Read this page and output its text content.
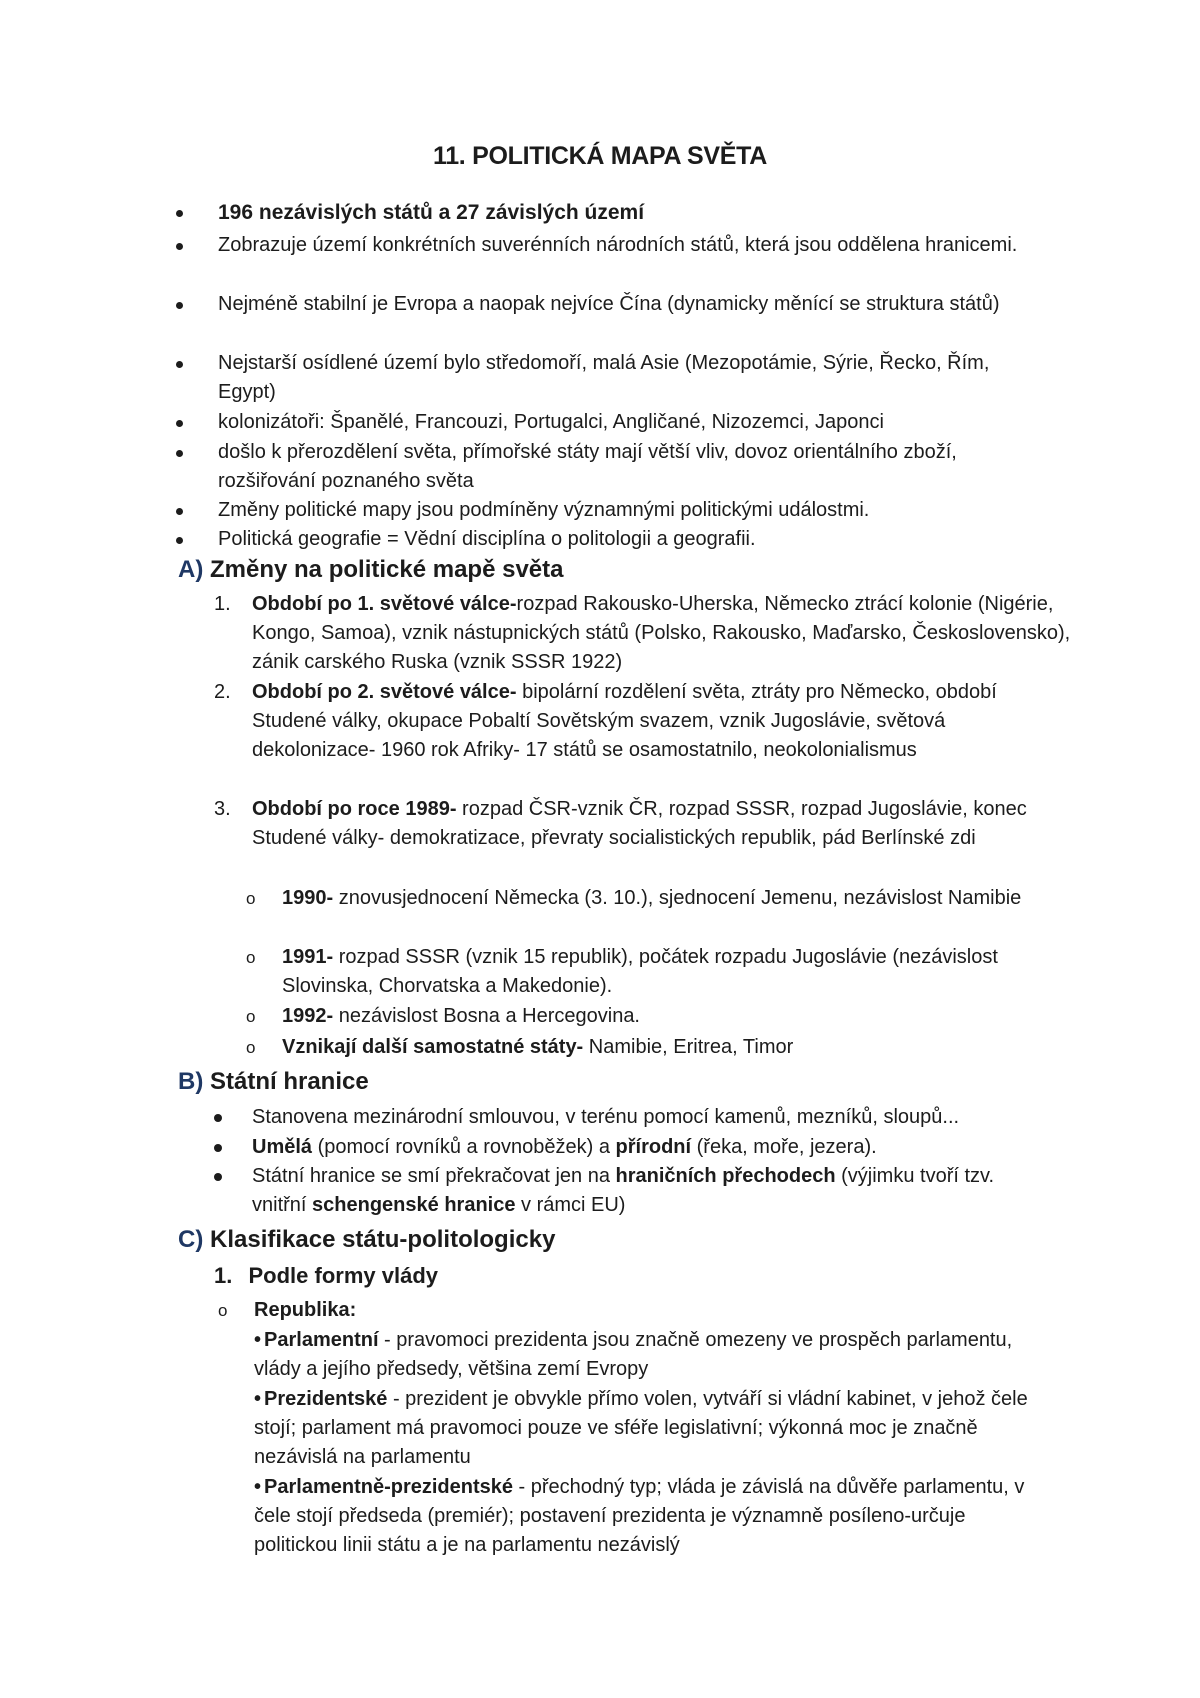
11. POLITICKÁ MAPA SVĚTA
196 nezávislých států a 27 závislých území
Zobrazuje území konkrétních suverénních národních států, která jsou oddělena hranicemi.
Nejméně stabilní je Evropa a naopak nejvíce Čína (dynamicky měnící se struktura států)
Nejstarší osídlené území bylo středomoří, malá Asie (Mezopotámie, Sýrie, Řecko, Řím, Egypt)
kolonizátoři: Španělé, Francouzi, Portugalci, Angličané, Nizozemci, Japonci
došlo k přerozdělení světa, přímořské státy mají větší vliv, dovoz orientálního zboží, rozšiřování poznaného světa
Změny politické mapy jsou podmíněny významnými politickými událostmi.
Politická geografie = Vědní disciplína o politologii a geografii.
A) Změny na politické mapě světa
1. Období po 1. světové válce-rozpad Rakousko-Uherska, Německo ztrácí kolonie (Nigérie, Kongo, Samoa), vznik nástupnických států (Polsko, Rakousko, Maďarsko, Československo), zánik carského Ruska (vznik SSSR 1922)
2. Období po 2. světové válce- bipolární rozdělení světa, ztráty pro Německo, období Studené války, okupace Pobaltí Sovětským svazem, vznik Jugoslávie, světová dekolonizace- 1960 rok Afriky- 17 států se osamostatnilo, neokolonialismus
3. Období po roce 1989- rozpad ČSR-vznik ČR, rozpad SSSR, rozpad Jugoslávie, konec Studené války- demokratizace, převraty socialistických republik, pád Berlínské zdi
o 1990- znovusjednocení Německa (3. 10.), sjednocení Jemenu, nezávislost Namibie
o 1991- rozpad SSSR (vznik 15 republik), počátek rozpadu Jugoslávie (nezávislost Slovinska, Chorvatska a Makedonie).
o 1992- nezávislost Bosna a Hercegovina.
o Vznikají další samostatné státy- Namibie, Eritrea, Timor
B) Státní hranice
Stanovena mezinárodní smlouvou, v terénu pomocí kamenů, mezníků, sloupů...
Umělá (pomocí rovníků a rovnoběžek) a přírodní (řeka, moře, jezera).
Státní hranice se smí překračovat jen na hraničních přechodech (výjimku tvoří tzv. vnitřní schengenské hranice v rámci EU)
C) Klasifikace státu-politologicky
1. Podle formy vlády
o Republika:
• Parlamentní - pravomoci prezidenta jsou značně omezeny ve prospěch parlamentu, vlády a jejího předsedy, většina zemí Evropy
• Prezidentské - prezident je obvykle přímo volen, vytváří si vládní kabinet, v jehož čele stojí; parlament má pravomoci pouze ve sféře legislativní; výkonná moc je značně nezávislá na parlamentu
• Parlamentně-prezidentské - přechodný typ; vláda je závislá na důvěře parlamentu, v čele stojí předseda (premiér); postavení prezidenta je významně posíleno-určuje politickou linii státu a je na parlamentu nezávislý
